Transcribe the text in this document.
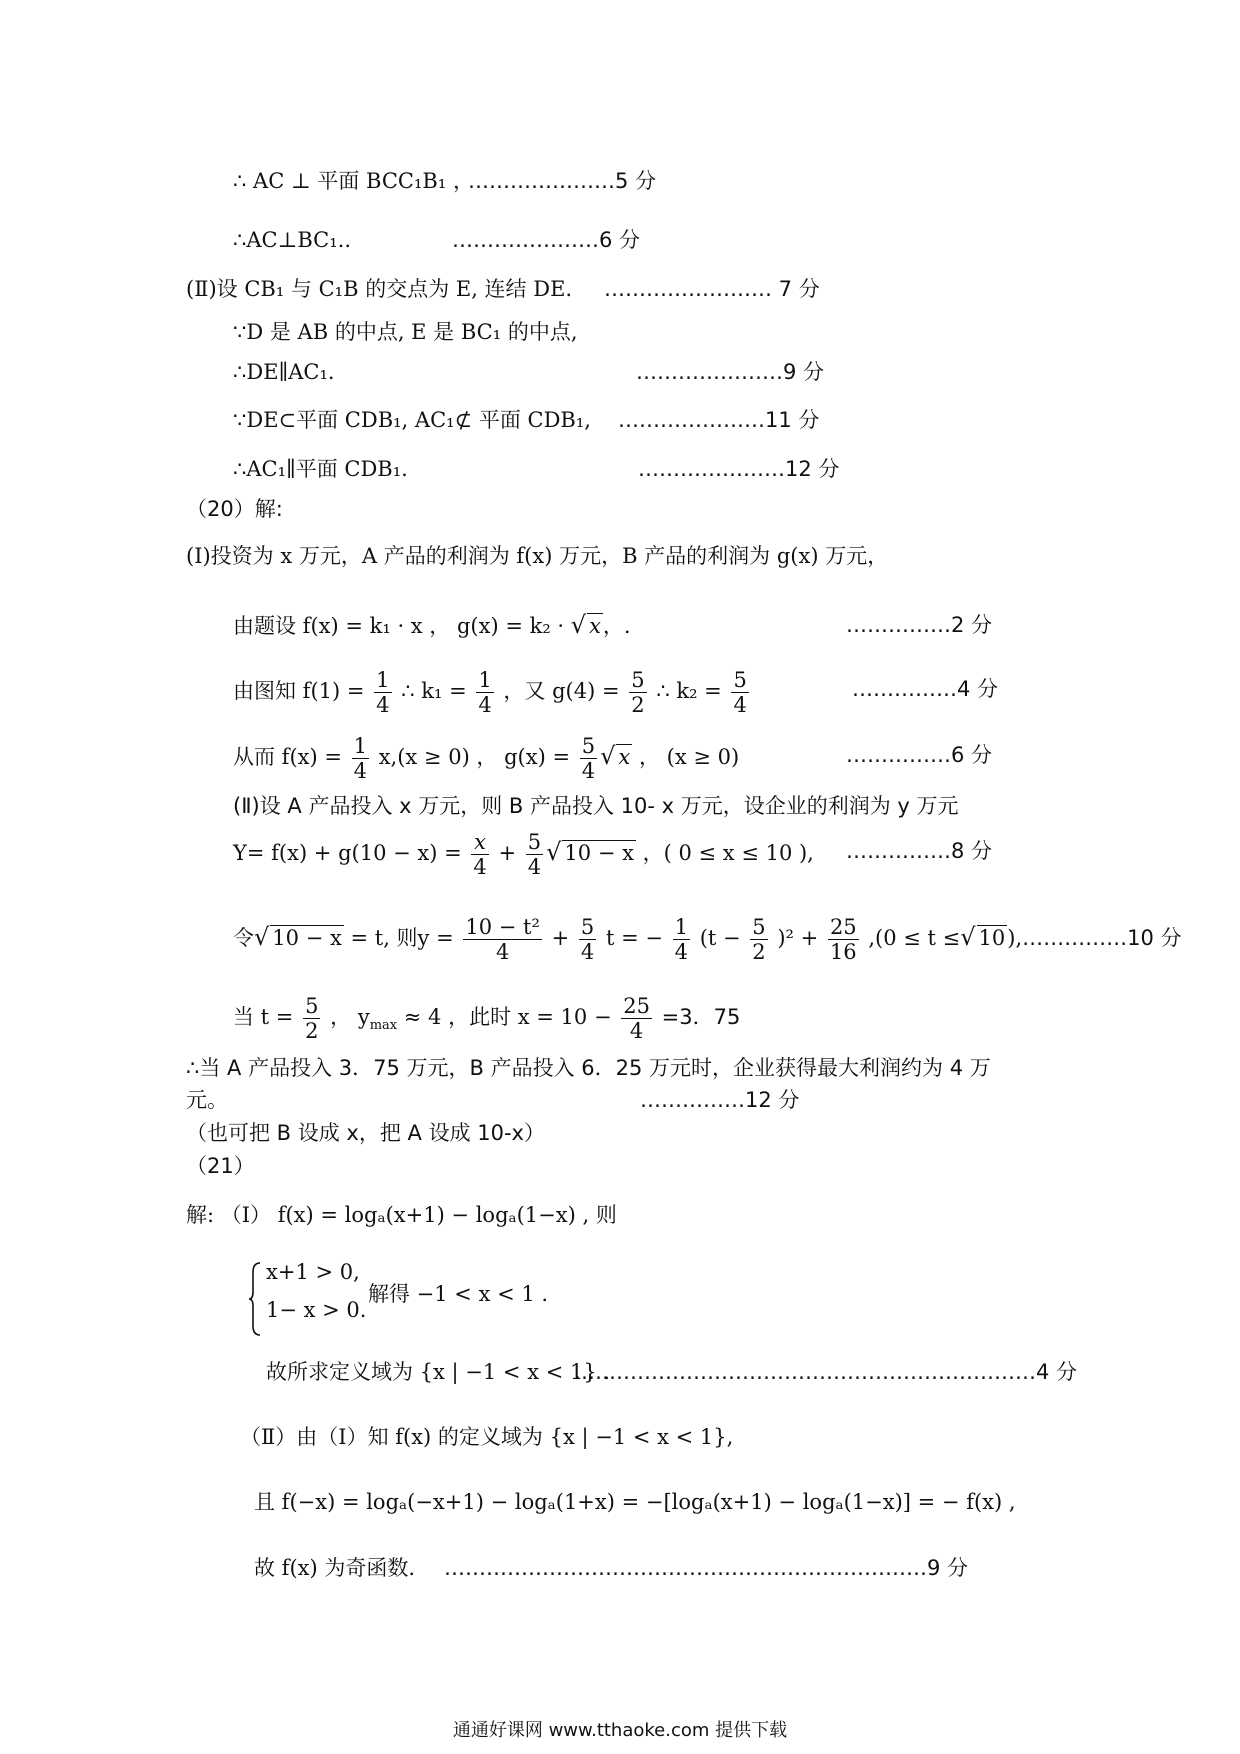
∴ AC ⊥ 平面 BCC₁B₁ ，
…………………5 分
∴AC⊥BC₁..	…………………6 分
(Ⅱ)设 CB₁ 与 C₁B 的交点为 E, 连结 DE. …………………… 7 分
∵D 是 AB 的中点, E 是 BC₁ 的中点,
∴DE∥AC₁.	…………………9 分
∵DE⊂平面 CDB₁, AC₁⊄ 平面 CDB₁, …………………11 分
∴AC₁∥平面 CDB₁.	…………………12 分
（20）解:
(Ⅰ)投资为 x 万元，A 产品的利润为 f(x) 万元，B 产品的利润为 g(x) 万元，
由题设 f(x) = k₁ · x ， g(x) = k₂ · √ x，.	……………2 分
由图知 $f(1) = \frac{1}{4}$ ∴ $k_1 = \frac{1}{4}$ ，又 $g(4) = \frac{5}{2}$ ∴ $k_2 = \frac{5}{4}$	……………4 分
从而 $f(x) = \frac{1}{4} x,(x \ge 0)$ ， $g(x) = \frac{5}{4}$ √ x ， (x ≥ 0)	……………6 分
(Ⅱ)设 A 产品投入 x 万元，则 B 产品投入 10- x 万元，设企业的利润为 y 万元
$Y= f(x) + g(10 - x) = \frac{x}{4} + \frac{5}{4}$ √ 10 − x ，( 0 ≤ x ≤ 10 ), ……………8 分
令√ 10 − x = t, 则$y = \frac{\text{10 − t²}}{4} + \frac{5}{4}$ t = − $\frac{1}{4} (t - \frac{5}{2} )^2 + \frac{25}{16} ,(0 \le t$ ≤√ 10),……………10 分
当 $t = \frac{5}{2}$ ， $y_{max} \approx 4$ ，此时 $x = 10 - \frac{25}{4} =3$．75
∴当 A 产品投入 3．75 万元，B 产品投入 6．25 万元时，企业获得最大利润约为 4 万
元。	……………12 分
（也可把 B 设成 x，把 A 设成 10-x）
（21）
解: （Ⅰ） f(x) = logₐ(x+1) − logₐ(1−x) , 则
x+1 > 0,
1− x > 0.
解得 −1 < x < 1 .
故所求定义域为 {x | −1 < x < 1} .
…………………………………………………………4 分
（Ⅱ）由（Ⅰ）知 f(x) 的定义域为 {x | −1 < x < 1},
且 f(−x) = logₐ(−x+1) − logₐ(1+x) = −[logₐ(x+1) − logₐ(1−x)] = − f(x) ,
故 f(x) 为奇函数. ……………………………………………………………9 分
通通好课网 www.tthaoke.com 提供下载
